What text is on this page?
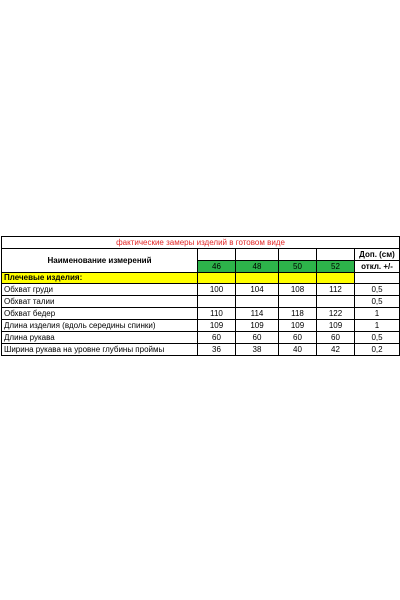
фактические замеры изделий в готовом виде					
Наименование измерений					Доп. (см)
	46	48	50	52	откл. +/-
Плечевые изделия:					
Обхват груди	100	104	108	112	0,5
Обхват талии					0,5
Обхват бедер	110	114	118	122	1
Длина изделия (вдоль середины спинки)	109	109	109	109	1
Длина рукава	60	60	60	60	0,5
Ширина рукава на уровне глубины проймы	36	38	40	42	0,2
